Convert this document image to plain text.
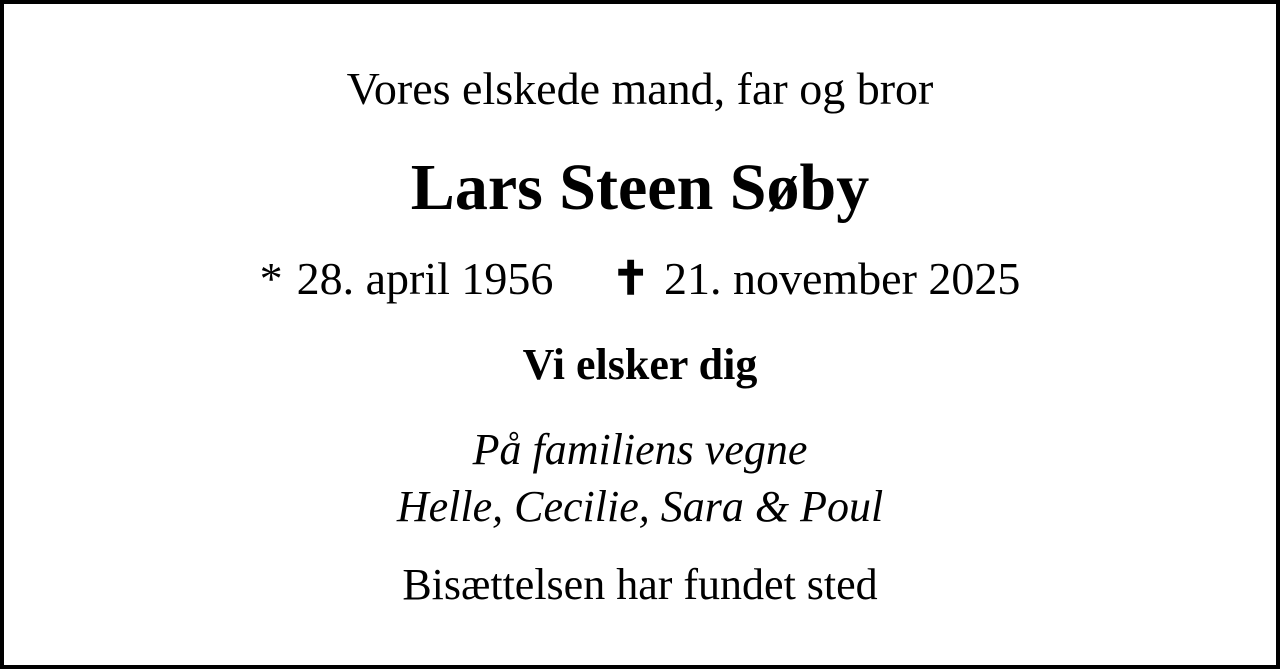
Vores elskede mand, far og bror
Lars Steen Søby
* 28. april 1956 ✝ 21. november 2025
Vi elsker dig
På familiens vegne
Helle, Cecilie, Sara & Poul
Bisættelsen har fundet sted
